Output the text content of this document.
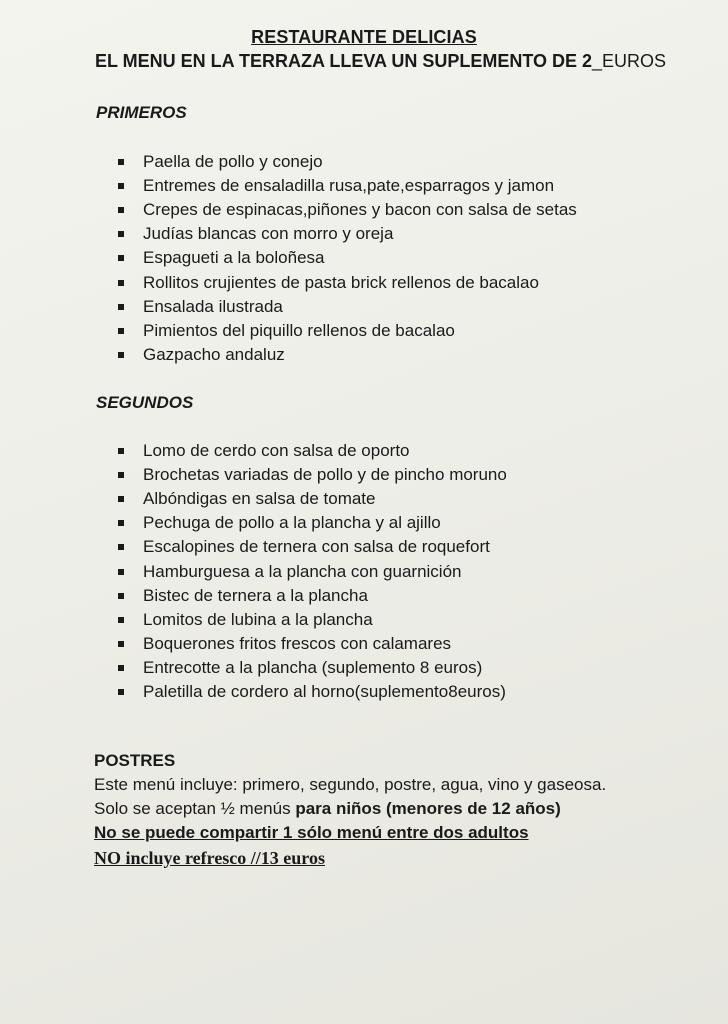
RESTAURANTE DELICIAS
EL MENU EN LA TERRAZA LLEVA UN SUPLEMENTO DE 2_EUROS
PRIMEROS
Paella de pollo y conejo
Entremes de ensaladilla rusa,pate,esparragos y jamon
Crepes de espinacas,piñones y bacon con salsa de setas
Judías blancas con morro y oreja
Espagueti a la boloñesa
Rollitos crujientes de pasta brick rellenos de bacalao
Ensalada ilustrada
Pimientos del piquillo rellenos de bacalao
Gazpacho andaluz
SEGUNDOS
Lomo de cerdo con salsa de oporto
Brochetas variadas de pollo y de pincho moruno
Albóndigas en salsa de tomate
Pechuga de pollo a la plancha y al ajillo
Escalopines de ternera con salsa de roquefort
Hamburguesa a la plancha con guarnición
Bistec de ternera a la plancha
Lomitos de lubina a la plancha
Boquerones fritos frescos con calamares
Entrecotte a la plancha (suplemento 8 euros)
Paletilla de cordero al horno(suplemento8euros)
POSTRES
Este menú incluye: primero, segundo, postre, agua, vino y gaseosa.
Solo se aceptan ½ menús para niños (menores de 12 años)
No se puede compartir 1 sólo menú entre dos adultos
NO incluye refresco //13 euros
